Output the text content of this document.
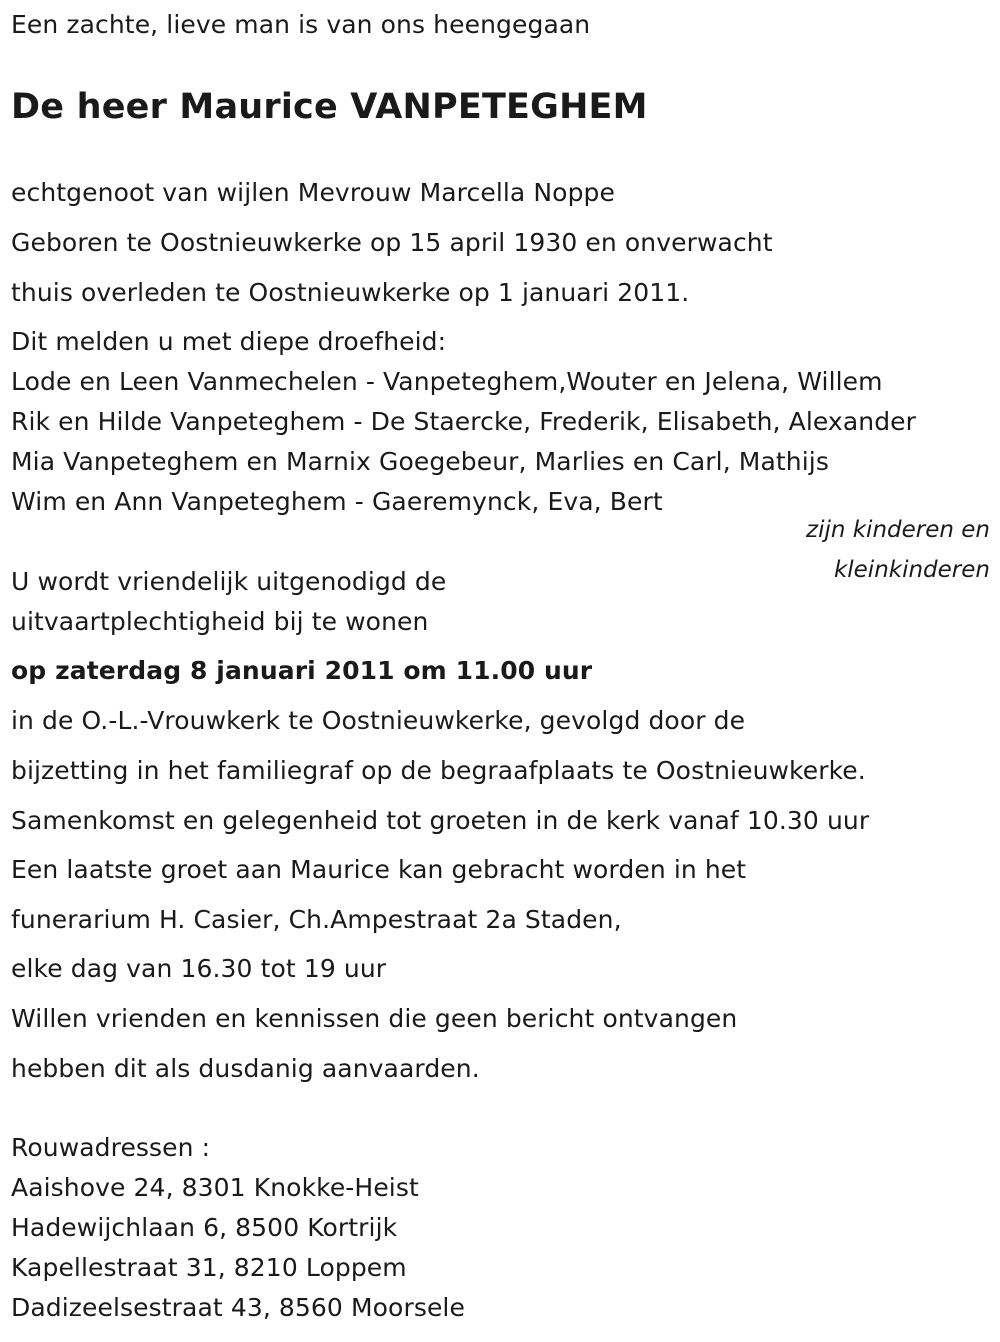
Een zachte, lieve man is van ons heengegaan
De heer Maurice VANPETEGHEM
echtgenoot van wijlen Mevrouw Marcella Noppe
Geboren te Oostnieuwkerke op 15 april 1930 en onverwacht
thuis overleden te Oostnieuwkerke op 1 januari 2011.
Dit melden u met diepe droefheid:
Lode en Leen Vanmechelen - Vanpeteghem,Wouter en Jelena, Willem
Rik en Hilde Vanpeteghem - De Staercke, Frederik, Elisabeth, Alexander
Mia Vanpeteghem en Marnix Goegebeur, Marlies en Carl, Mathijs
Wim en Ann Vanpeteghem - Gaeremynck, Eva, Bert
zijn kinderen en
kleinkinderen
U wordt vriendelijk uitgenodigd de
uitvaartplechtigheid bij te wonen
op zaterdag 8 januari 2011 om 11.00 uur
in de O.-L.-Vrouwkerk te Oostnieuwkerke, gevolgd door de
bijzetting in het familiegraf op de begraafplaats te Oostnieuwkerke.
Samenkomst en gelegenheid tot groeten in de kerk vanaf 10.30 uur
Een laatste groet aan Maurice kan gebracht worden in het
funerarium H. Casier, Ch.Ampestraat 2a Staden,
elke dag van 16.30 tot 19 uur
Willen vrienden en kennissen die geen bericht ontvangen
hebben dit als dusdanig aanvaarden.
Rouwadressen :
Aaishove 24, 8301 Knokke-Heist
Hadewijchlaan 6, 8500 Kortrijk
Kapellestraat 31, 8210 Loppem
Dadizeelsestraat 43, 8560 Moorsele
